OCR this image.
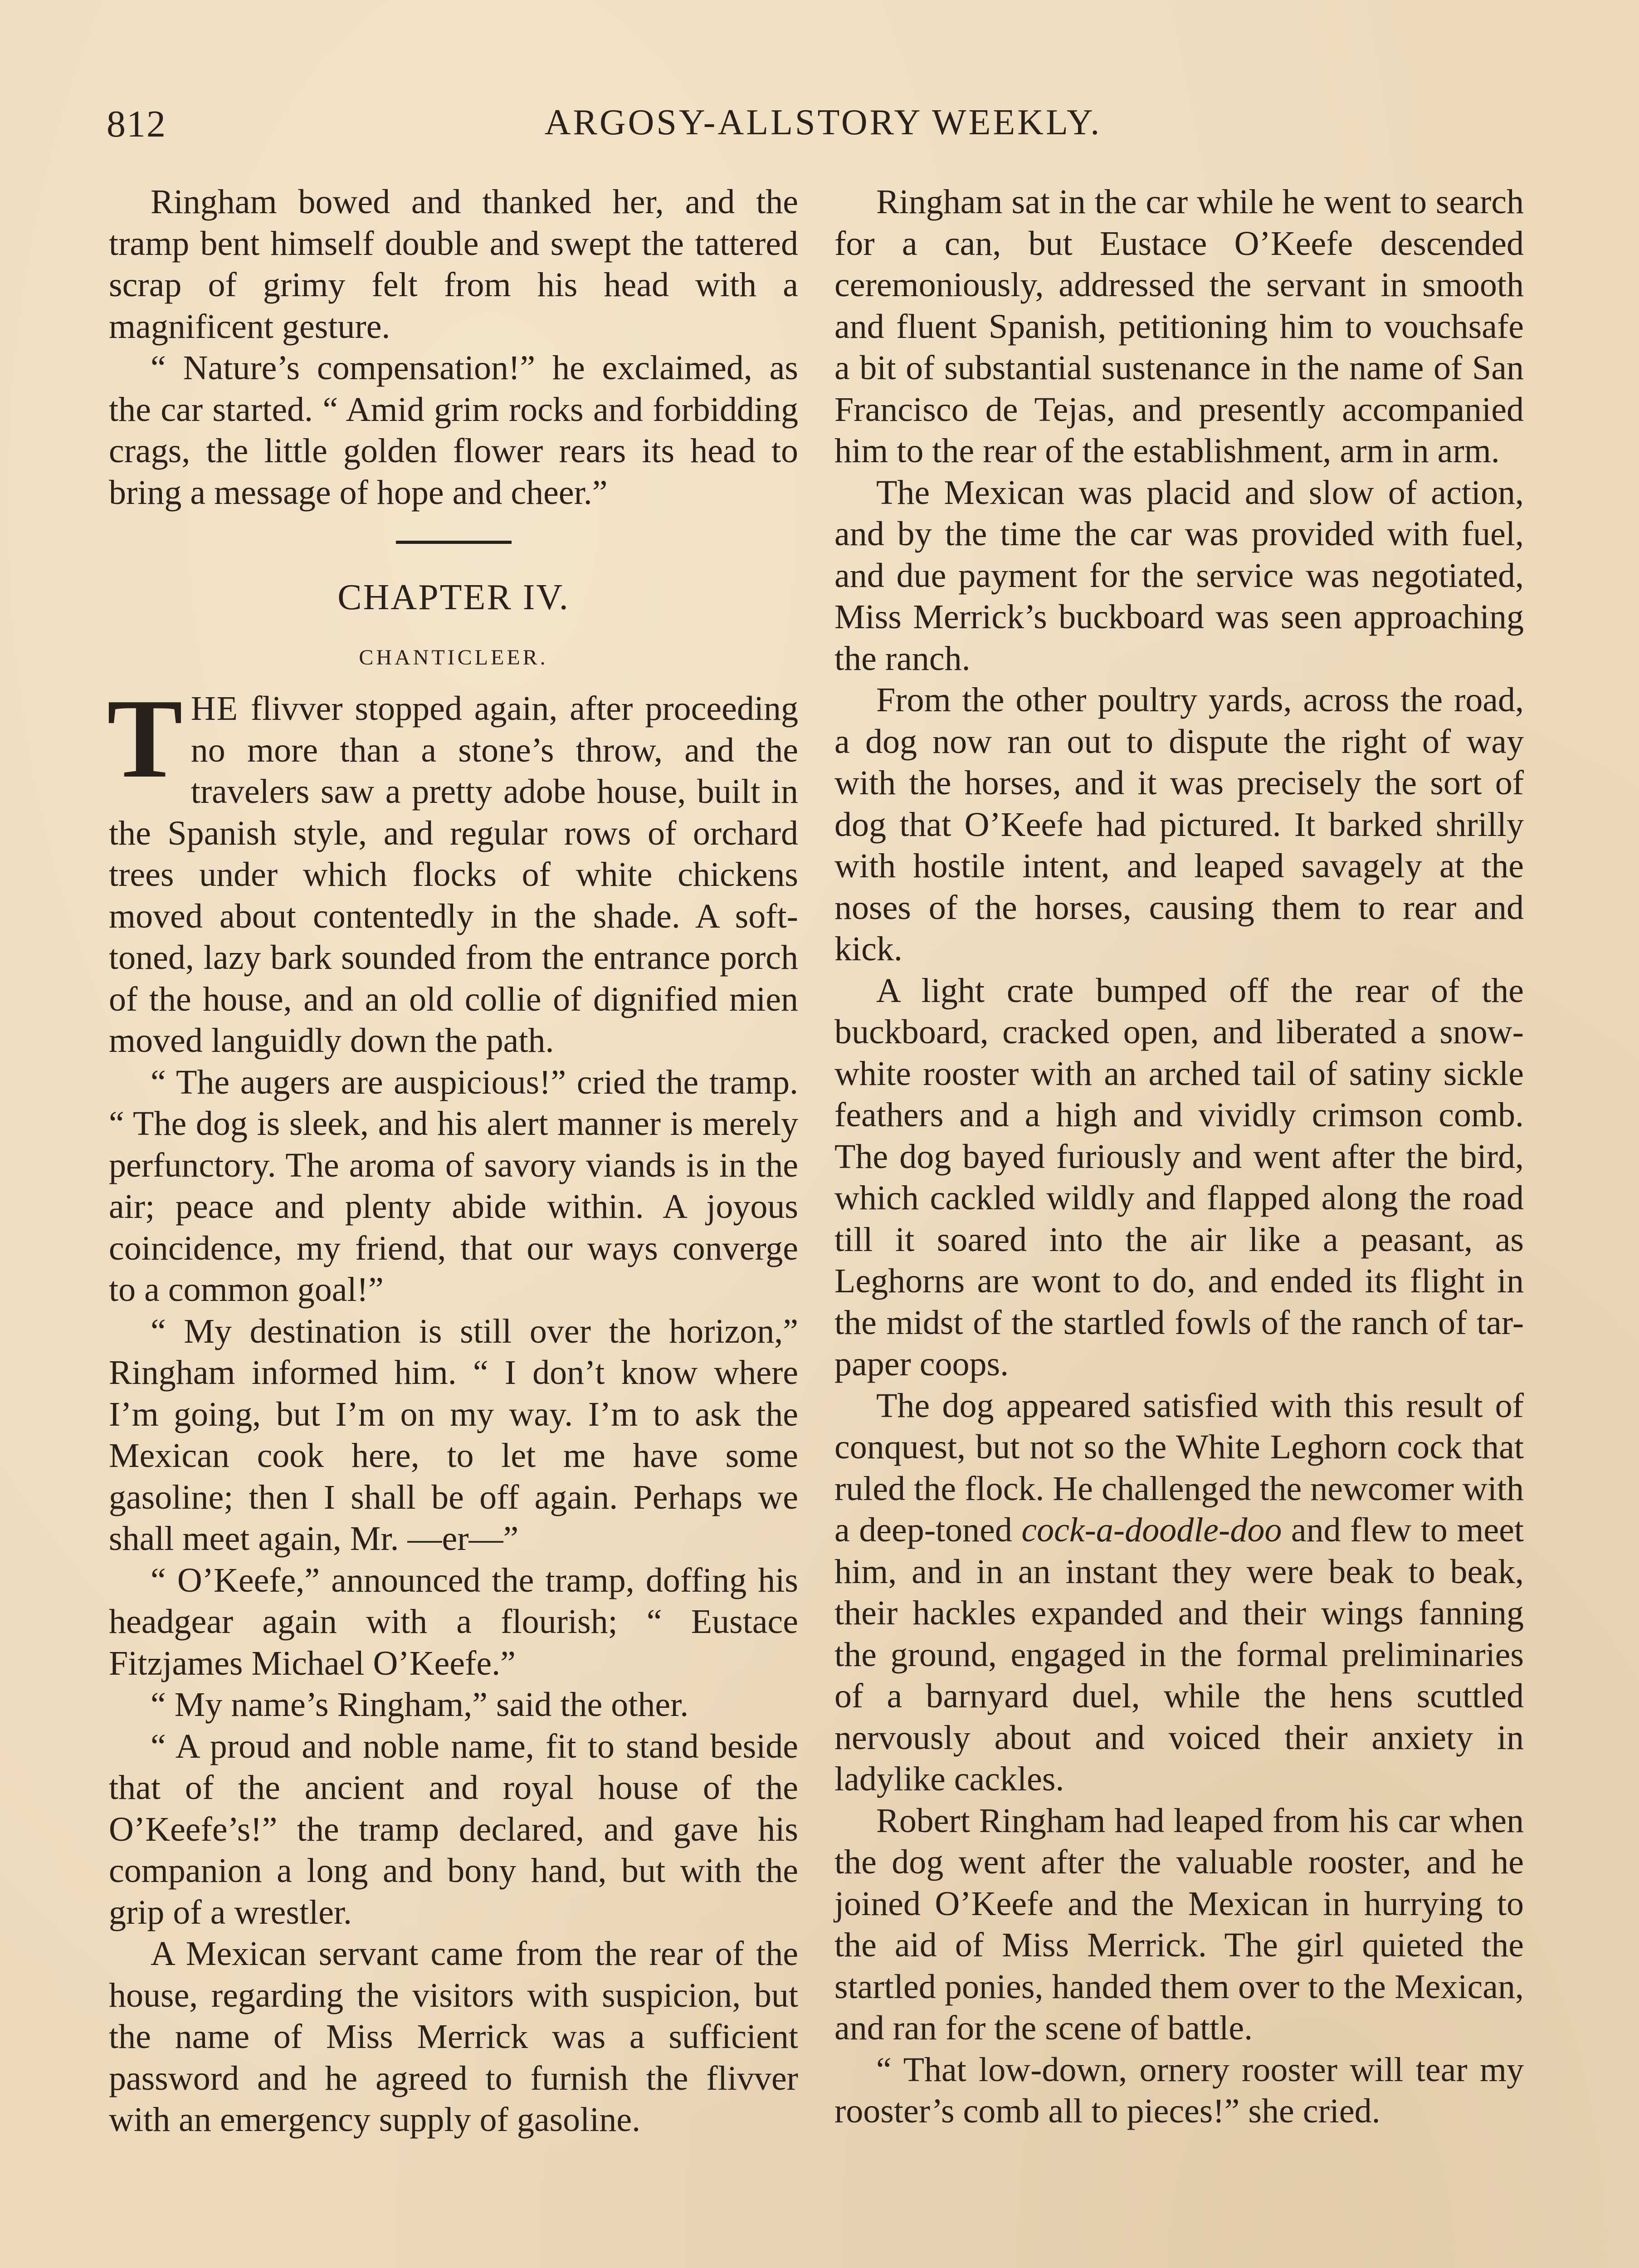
812	ARGOSY-ALLSTORY WEEKLY.

Ringham bowed and thanked her, and the tramp bent himself double and swept the tattered scrap of grimy felt from his head with a magnificent gesture.

“ Nature’s compensation!” he exclaimed, as the car started. “ Amid grim rocks and forbidding crags, the little golden flower rears its head to bring a message of hope and cheer.”

CHAPTER IV.
CHANTICLEER.

THE flivver stopped again, after proceeding no more than a stone’s throw, and the travelers saw a pretty adobe house, built in the Spanish style, and regular rows of orchard trees under which flocks of white chickens moved about contentedly in the shade. A soft-toned, lazy bark sounded from the entrance porch of the house, and an old collie of dignified mien moved languidly down the path.

“ The augers are auspicious!” cried the tramp. “ The dog is sleek, and his alert manner is merely perfunctory. The aroma of savory viands is in the air; peace and plenty abide within. A joyous coincidence, my friend, that our ways converge to a common goal!”

“ My destination is still over the horizon,” Ringham informed him. “ I don’t know where I’m going, but I’m on my way. I’m to ask the Mexican cook here, to let me have some gasoline; then I shall be off again. Perhaps we shall meet again, Mr. —er—”

“ O’Keefe,” announced the tramp, doffing his headgear again with a flourish; “ Eustace Fitzjames Michael O’Keefe.”

“ My name’s Ringham,” said the other.

“ A proud and noble name, fit to stand beside that of the ancient and royal house of the O’Keefe’s!” the tramp declared, and gave his companion a long and bony hand, but with the grip of a wrestler.

A Mexican servant came from the rear of the house, regarding the visitors with suspicion, but the name of Miss Merrick was a sufficient password and he agreed to furnish the flivver with an emergency supply of gasoline.

Ringham sat in the car while he went to search for a can, but Eustace O’Keefe descended ceremoniously, addressed the servant in smooth and fluent Spanish, petitioning him to vouchsafe a bit of substantial sustenance in the name of San Francisco de Tejas, and presently accompanied him to the rear of the establishment, arm in arm.

The Mexican was placid and slow of action, and by the time the car was provided with fuel, and due payment for the service was negotiated, Miss Merrick’s buckboard was seen approaching the ranch.

From the other poultry yards, across the road, a dog now ran out to dispute the right of way with the horses, and it was precisely the sort of dog that O’Keefe had pictured. It barked shrilly with hostile intent, and leaped savagely at the noses of the horses, causing them to rear and kick.

A light crate bumped off the rear of the buckboard, cracked open, and liberated a snow-white rooster with an arched tail of satiny sickle feathers and a high and vividly crimson comb. The dog bayed furiously and went after the bird, which cackled wildly and flapped along the road till it soared into the air like a peasant, as Leghorns are wont to do, and ended its flight in the midst of the startled fowls of the ranch of tar-paper coops.

The dog appeared satisfied with this result of conquest, but not so the White Leghorn cock that ruled the flock. He challenged the newcomer with a deep-toned cock-a-doodle-doo and flew to meet him, and in an instant they were beak to beak, their hackles expanded and their wings fanning the ground, engaged in the formal preliminaries of a barnyard duel, while the hens scuttled nervously about and voiced their anxiety in ladylike cackles.

Robert Ringham had leaped from his car when the dog went after the valuable rooster, and he joined O’Keefe and the Mexican in hurrying to the aid of Miss Merrick. The girl quieted the startled ponies, handed them over to the Mexican, and ran for the scene of battle.

“ That low-down, ornery rooster will tear my rooster’s comb all to pieces!” she cried.
